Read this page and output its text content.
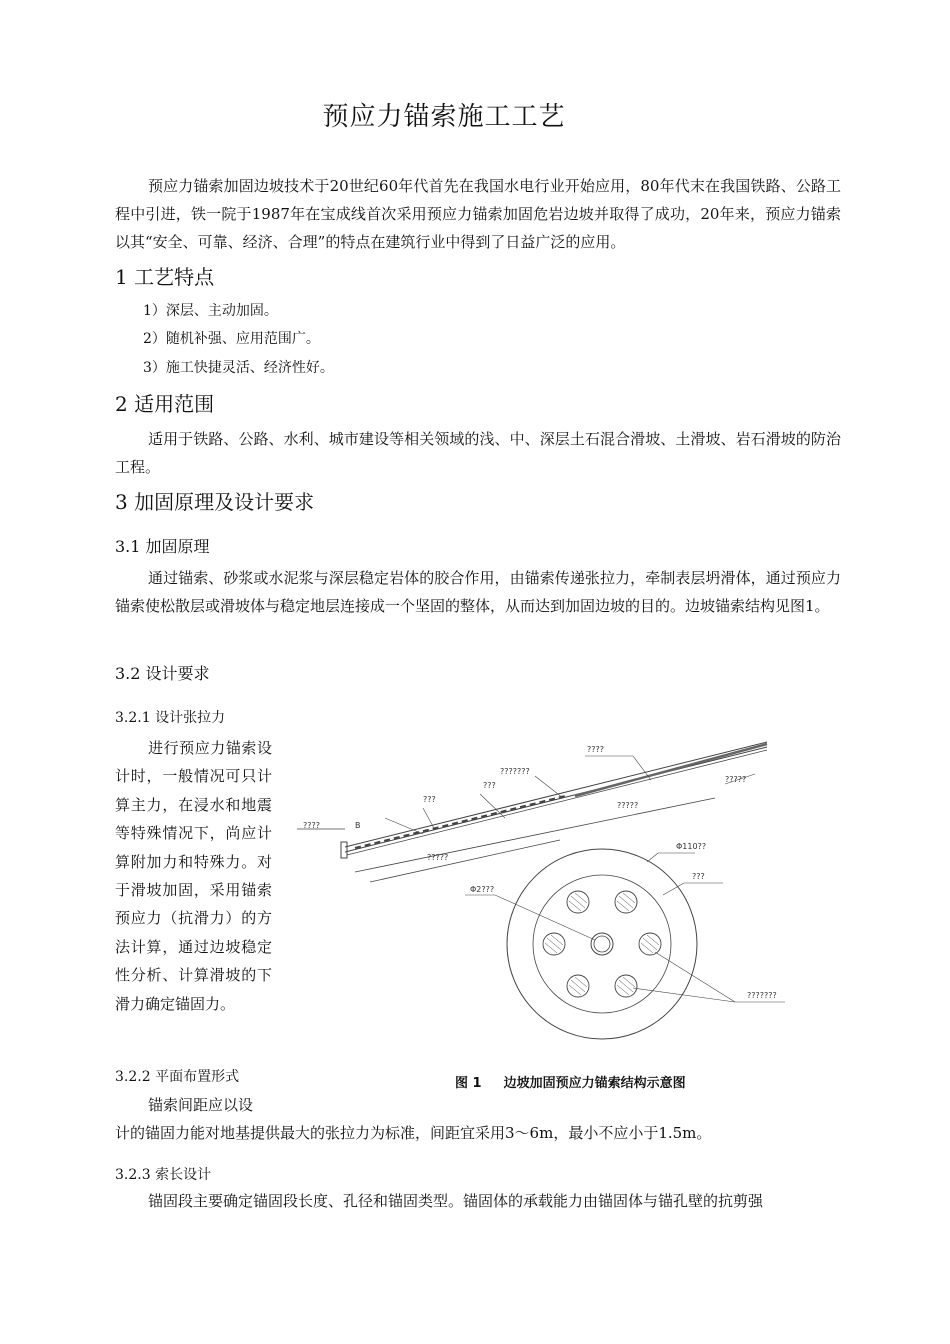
预应力锚索施工工艺

预应力锚索加固边坡技术于20世纪60年代首先在我国水电行业开始应用，80年代末在我国铁路、公路工程中引进，铁一院于1987年在宝成线首次采用预应力锚索加固危岩边坡并取得了成功，20年来，预应力锚索以其“安全、可靠、经济、合理”的特点在建筑行业中得到了日益广泛的应用。

1 工艺特点
1）深层、主动加固。
2）随机补强、应用范围广。
3）施工快捷灵活、经济性好。
2 适用范围

适用于铁路、公路、水利、城市建设等相关领域的浅、中、深层土石混合滑坡、土滑坡、岩石滑坡的防治工程。

3 加固原理及设计要求
3.1 加固原理

通过锚索、砂浆或水泥浆与深层稳定岩体的胶合作用，由锚索传递张拉力，牵制表层坍滑体，通过预应力锚索使松散层或滑坡体与稳定地层连接成一个坚固的整体，从而达到加固边坡的目的。边坡锚索结构见图1。

3.2 设计要求
3.2.1 设计张拉力

进行预应力锚索设计时，一般情况可只计算主力，在浸水和地震等特殊情况下，尚应计算附加力和特殊力。对于滑坡加固，采用锚索预应力（抗滑力）的方法计算，通过边坡稳定性分析、计算滑坡的下滑力确定锚固力。

3.2.2 平面布置形式

锚索间距应以设

计的锚固力能对地基提供最大的张拉力为标准，间距宜采用3～6m，最小不应小于1.5m。

3.2.3 索长设计

锚固段主要确定锚固段长度、孔径和锚固类型。锚固体的承载能力由锚固体与锚孔壁的抗剪强

????
???????
???
???
????
?????
?????
?????
B
Φ110??
???
Φ2???
???????
图 1 边坡加固预应力锚索结构示意图
